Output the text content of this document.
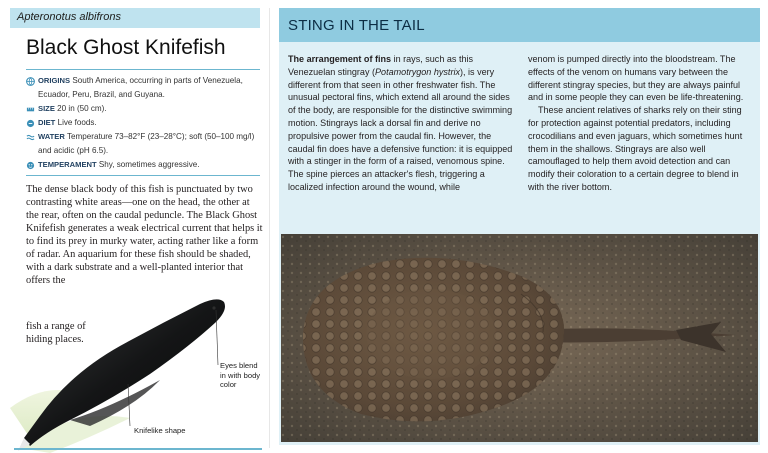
Apteronotus albifrons
Black Ghost Knifefish
ORIGINS South America, occurring in parts of Venezuela, Ecuador, Peru, Brazil, and Guyana.
SIZE 20 in (50 cm).
DIET Live foods.
WATER Temperature 73–82°F (23–28°C); soft (50–100 mg/l) and acidic (pH 6.5).
TEMPERAMENT Shy, sometimes aggressive.
The dense black body of this fish is punctuated by two contrasting white areas—one on the head, the other at the rear, often on the caudal peduncle. The Black Ghost Knifefish generates a weak electrical current that helps it to find its prey in murky water, acting rather like a form of radar. An aquarium for these fish should be shaded, with a dark substrate and a well-planted interior that offers the
Eyes blend in with body color
Knifelike shape
fish a range of hiding places.
STING IN THE TAIL

The arrangement of fins in rays, such as this Venezuelan stingray (Potamotrygon hystrix), is very different from that seen in other freshwater fish. The unusual pectoral fins, which extend all around the sides of the body, are responsible for the distinctive swimming motion. Stingrays lack a dorsal fin and derive no propulsive power from the caudal fin. However, the caudal fin does have a defensive function: it is equipped with a stinger in the form of a raised, venomous spine. The spine pierces an attacker's flesh, triggering a localized infection around the wound, while

venom is pumped directly into the bloodstream. The effects of the venom on humans vary between the different stingray species, but they are always painful and in some people they can even be life-threatening.

These ancient relatives of sharks rely on their sting for protection against potential predators, including crocodilians and even jaguars, which sometimes hunt them in the shallows. Stingrays are also well camouflaged to help them avoid detection and can modify their coloration to a certain degree to blend in with the river bottom.
